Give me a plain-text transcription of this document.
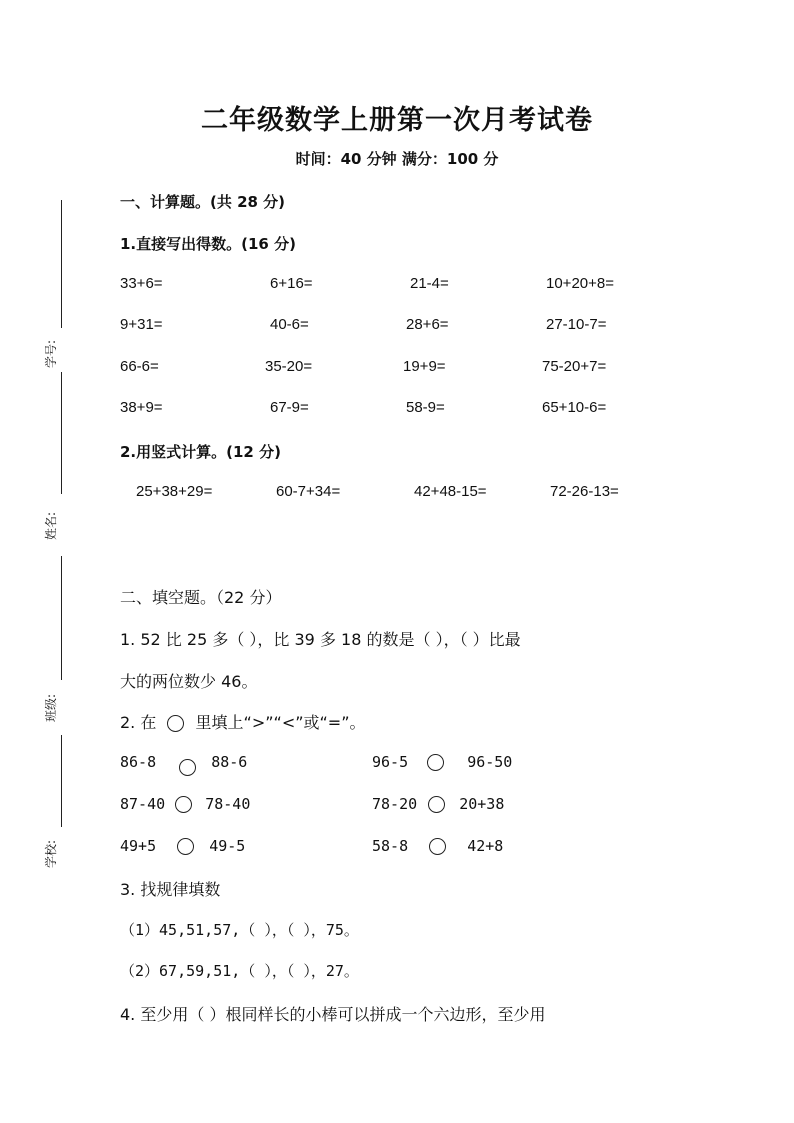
二年级数学上册第一次月考试卷
时间：40 分钟 满分：100 分
学号:
姓名:
班级:
学校:
一、计算题。(共 28 分)
1.直接写出得数。(16 分)
33+6=	6+16=	21-4=	10+20+8=
9+31=	40-6=	28+6=	27-10-7=
66-6=	35-20=	19+9=	75-20+7=
38+9=	67-9=	58-9=	65+10-6=
2.用竖式计算。(12 分)
25+38+29=	60-7+34=	42+48-15=	72-26-13=
二、填空题。（22 分）
1. 52 比 25 多（ ），比 39 多 18 的数是（ ），（ ）比最
大的两位数少 46。
2. 在 里填上“>”“<”或“=”。
86-8	88-6	96-5	96-50
87-40	78-40	78-20	20+38
49+5	49-5	58-8	42+8
3. 找规律填数
（1）45,51,57,（ ），（ ），75。
（2）67,59,51,（ ），（ ），27。
4. 至少用（ ）根同样长的小棒可以拼成一个六边形，至少用
